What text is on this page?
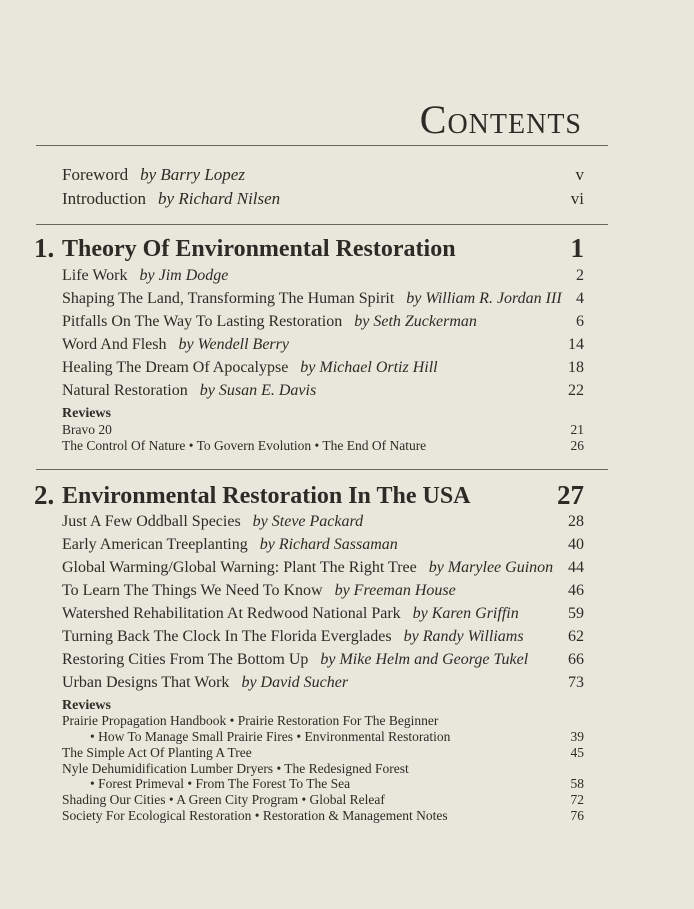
Contents
Foreword by Barry Lopez	v
Introduction by Richard Nilsen	vi
1. Theory Of Environmental Restoration	1
Life Work by Jim Dodge	2
Shaping The Land, Transforming The Human Spirit by William R. Jordan III 4
Pitfalls On The Way To Lasting Restoration by Seth Zuckerman	6
Word And Flesh by Wendell Berry	14
Healing The Dream Of Apocalypse by Michael Ortiz Hill	18
Natural Restoration by Susan E. Davis	22
Reviews
Bravo 20	21
The Control Of Nature • To Govern Evolution • The End Of Nature	26
2. Environmental Restoration In The USA	27
Just A Few Oddball Species by Steve Packard	28
Early American Treeplanting by Richard Sassaman	40
Global Warming/Global Warning: Plant The Right Tree by Marylee Guinon 44
To Learn The Things We Need To Know by Freeman House	46
Watershed Rehabilitation At Redwood National Park by Karen Griffin	59
Turning Back The Clock In The Florida Everglades by Randy Williams	62
Restoring Cities From The Bottom Up by Mike Helm and George Tukel 66
Urban Designs That Work by David Sucher	73
Reviews
Prairie Propagation Handbook • Prairie Restoration For The Beginner
• How To Manage Small Prairie Fires • Environmental Restoration	39
The Simple Act Of Planting A Tree	45
Nyle Dehumidification Lumber Dryers • The Redesigned Forest
• Forest Primeval • From The Forest To The Sea	58
Shading Our Cities • A Green City Program • Global Releaf	72
Society For Ecological Restoration • Restoration & Management Notes	76
